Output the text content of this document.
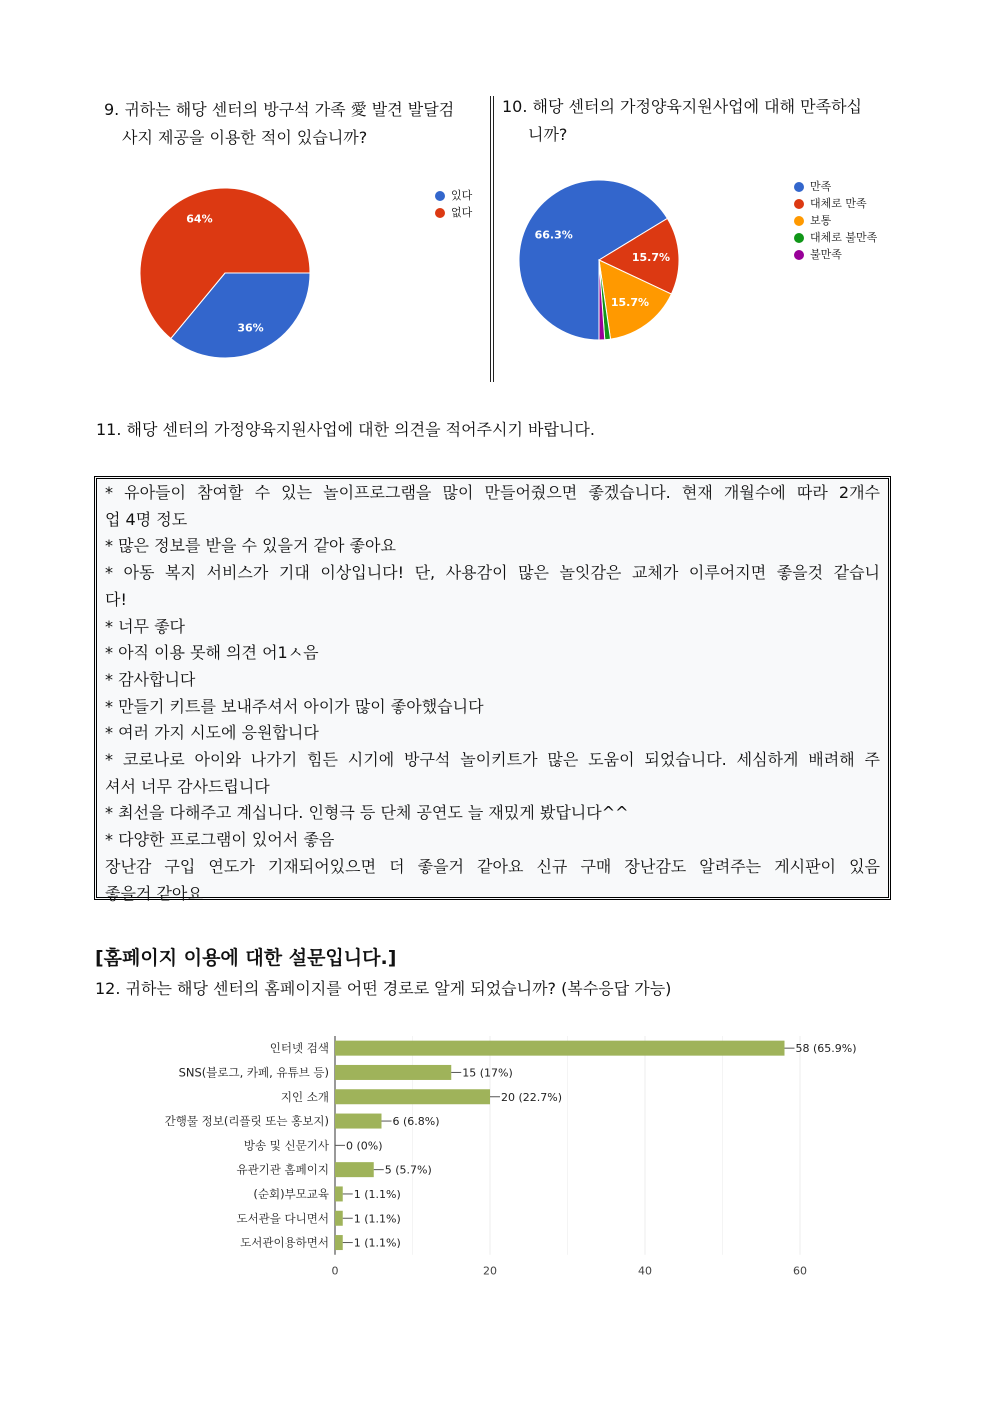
9. 귀하는 해당 센터의 방구석 가족 愛 발견 발달검
사지 제공을 이용한 적이 있습니까?
10. 해당 센터의 가정양육지원사업에 대해 만족하십
니까?
36%
64%
있다
없다
66.3%
15.7%
15.7%
만족
대체로 만족
보통
대체로 불만족
불만족
11. 해당 센터의 가정양육지원사업에 대한 의견을 적어주시기 바랍니다.
* 유아들이 참여할 수 있는 놀이프로그램을 많이 만들어줬으면 좋겠습니다. 현재 개월수에 따라 2개수
업 4명 정도
* 많은 정보를 받을 수 있을거 같아 좋아요
* 아동 복지 서비스가 기대 이상입니다! 단, 사용감이 많은 놀잇감은 교체가 이루어지면 좋을것 같습니
다!
* 너무 좋다
* 아직 이용 못해 의견 어1ㅅ음
* 감사합니다
* 만들기 키트를 보내주셔서 아이가 많이 좋아했습니다
* 여러 가지 시도에 응원합니다
* 코로나로 아이와 나가기 힘든 시기에 방구석 놀이키트가 많은 도움이 되었습니다. 세심하게 배려해 주
셔서 너무 감사드립니다
* 최선을 다해주고 계십니다. 인형극 등 단체 공연도 늘 재밌게 봤답니다^^
* 다양한 프로그램이 있어서 좋음
장난감 구입 연도가 기재되어있으면 더 좋을거 같아요 신규 구매 장난감도 알려주는 게시판이 있음
좋을거 같아요
[홈페이지 이용에 대한 설문입니다.]
12. 귀하는 해당 센터의 홈페이지를 어떤 경로로 알게 되었습니까? (복수응답 가능)
0	20	40	60
인터넷 검색	58 (65.9%)
SNS(블로그, 카페, 유튜브 등)	15 (17%)
지인 소개	20 (22.7%)
간행물 정보(리플릿 또는 홍보지)	6 (6.8%)
방송 및 신문기사 0 (0%)
유관기관 홈페이지	5 (5.7%)
(순회)부모교육 1 (1.1%)
도서관을 다니면서 1 (1.1%)
도서관이용하면서 1 (1.1%)
